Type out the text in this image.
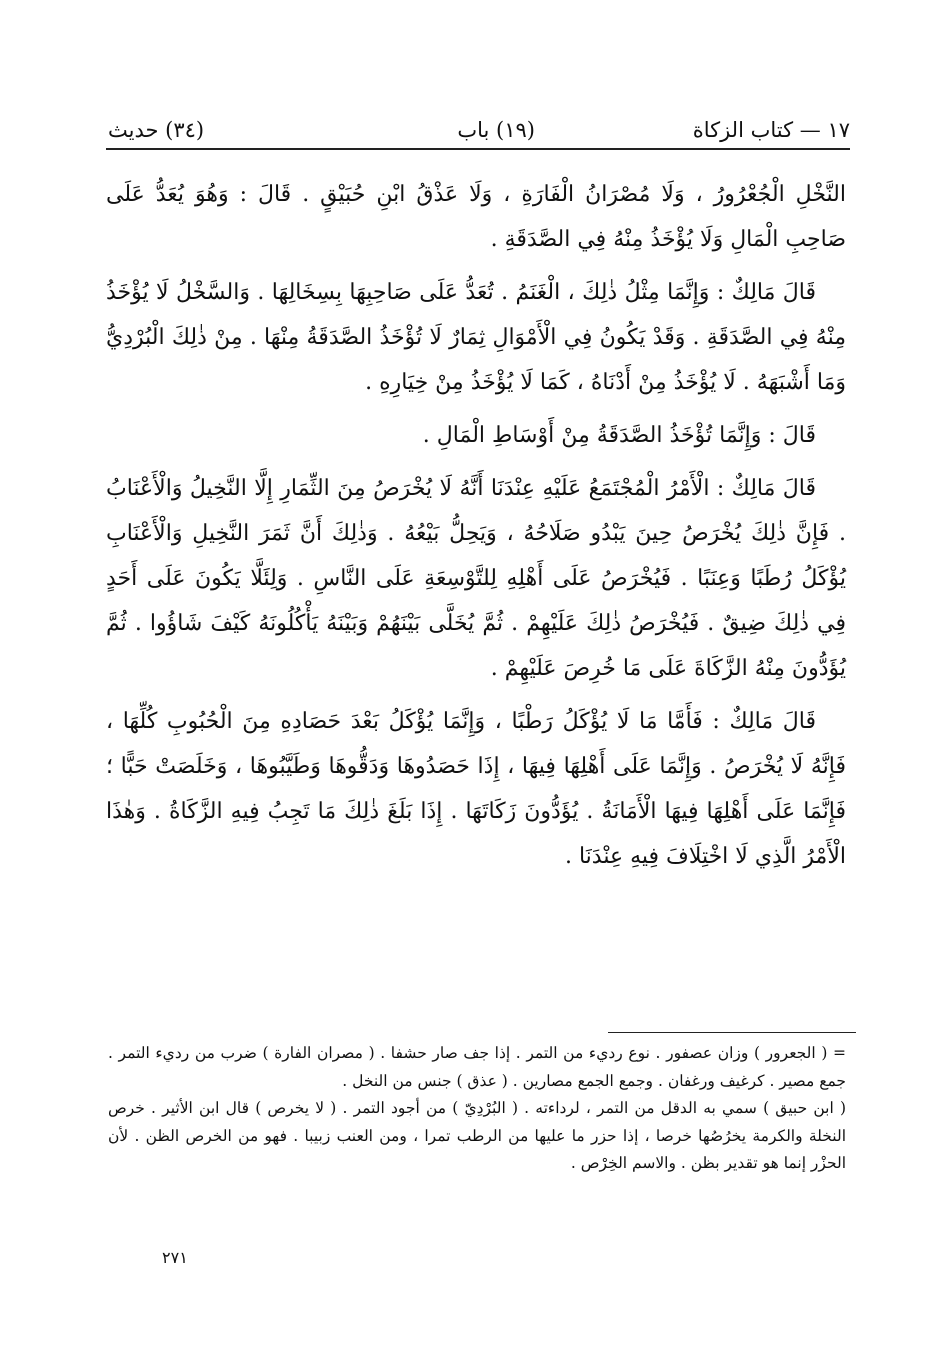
١٧ — كتاب الزكاة
(١٩) باب
(٣٤) حديث

النَّخْلِ الْجُعْرُورُ ، وَلَا مُصْرَانُ الْفَارَةِ ، وَلَا عَذْقُ ابْنِ حُبَيْقٍ . قَالَ : وَهُوَ يُعَدُّ عَلَى صَاحِبِ الْمَالِ وَلَا يُؤْخَذُ مِنْهُ فِي الصَّدَقَةِ .

قَالَ مَالِكٌ : وَإِنَّمَا مِثْلُ ذٰلِكَ ، الْغَنَمُ . تُعَدُّ عَلَى صَاحِبِهَا بِسِخَالِهَا . وَالسَّخْلُ لَا يُؤْخَذُ مِنْهُ فِي الصَّدَقَةِ . وَقَدْ يَكُونُ فِي الْأَمْوَالِ ثِمَارٌ لَا تُؤْخَذُ الصَّدَقَةُ مِنْهَا . مِنْ ذٰلِكَ الْبُرْدِيُّ وَمَا أَشْبَهَهُ . لَا يُؤْخَذُ مِنْ أَدْنَاهُ ، كَمَا لَا يُؤْخَذُ مِنْ خِيَارِهِ .

قَالَ : وَإِنَّمَا تُؤْخَذُ الصَّدَقَةُ مِنْ أَوْسَاطِ الْمَالِ .

قَالَ مَالِكٌ : الْأَمْرُ الْمُجْتَمَعُ عَلَيْهِ عِنْدَنَا أَنَّهُ لَا يُخْرَصُ مِنَ الثِّمَارِ إِلَّا النَّخِيلُ وَالْأَعْنَابُ . فَإِنَّ ذٰلِكَ يُخْرَصُ حِينَ يَبْدُو صَلَاحُهُ ، وَيَحِلُّ بَيْعُهُ . وَذٰلِكَ أَنَّ ثَمَرَ النَّخِيلِ وَالْأَعْنَابِ يُؤْكَلُ رُطَبًا وَعِنَبًا . فَيُخْرَصُ عَلَى أَهْلِهِ لِلتَّوْسِعَةِ عَلَى النَّاسِ . وَلِئَلَّا يَكُونَ عَلَى أَحَدٍ فِي ذٰلِكَ ضِيقٌ . فَيُخْرَصُ ذٰلِكَ عَلَيْهِمْ . ثُمَّ يُخَلَّى بَيْنَهُمْ وَبَيْنَهُ يَأْكُلُونَهُ كَيْفَ شَاؤُوا . ثُمَّ يُؤَدُّونَ مِنْهُ الزَّكَاةَ عَلَى مَا خُرِصَ عَلَيْهِمْ .

قَالَ مَالِكٌ : فَأَمَّا مَا لَا يُؤْكَلُ رَطْبًا ، وَإِنَّمَا يُؤْكَلُ بَعْدَ حَصَادِهِ مِنَ الْحُبُوبِ كُلِّهَا ، فَإِنَّهُ لَا يُخْرَصُ . وَإِنَّمَا عَلَى أَهْلِهَا فِيهَا ، إِذَا حَصَدُوهَا وَدَقُّوهَا وَطَيَّبُوهَا ، وَخَلَصَتْ حَبًّا ؛ فَإِنَّمَا عَلَى أَهْلِهَا فِيهَا الْأَمَانَةُ . يُؤَدُّونَ زَكَاتَهَا . إِذَا بَلَغَ ذٰلِكَ مَا تَجِبُ فِيهِ الزَّكَاةُ . وَهٰذَا الْأَمْرُ الَّذِي لَا اخْتِلَافَ فِيهِ عِنْدَنَا .

= ( الجعرور ) وزان عصفور . نوع رديء من التمر . إذا جف صار حشفا . ( مصران الفارة ) ضرب من رديء التمر . جمع مصير . كرغيف ورغفان . وجمع الجمع مصارين . ( عذق ) جنس من النخل .

( ابن حبيق ) سمي به الدقل من التمر ، لرداءته . ( البُرْدِيّ ) من أجود التمر . ( لا يخرص ) قال ابن الأثير . خرص النخلة والكرمة يخرُصُها خرصا ، إذا حزر ما عليها من الرطب تمرا ، ومن العنب زبيبا . فهو من الخرص الظن . لأن الحزْر إنما هو تقدير بظن . والاسم الخِرْص .

٢٧١
